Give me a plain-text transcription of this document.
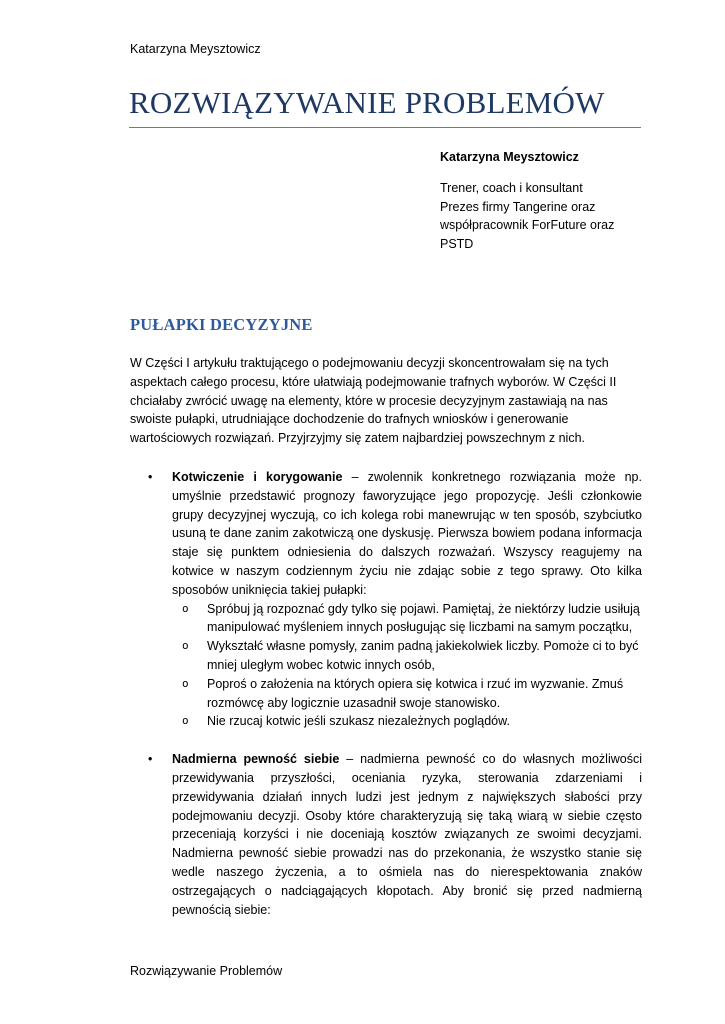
Katarzyna Meysztowicz
ROZWIĄZYWANIE PROBLEMÓW
Katarzyna Meysztowicz
Trener, coach i konsultant
Prezes firmy Tangerine oraz
współpracownik ForFuture oraz
PSTD
PUŁAPKI DECYZYJNE

W Części I artykułu traktującego o podejmowaniu decyzji skoncentrowałam się na tych aspektach całego procesu, które ułatwiają podejmowanie trafnych wyborów. W Części II chciałaby zwrócić uwagę na elementy, które w procesie decyzyjnym zastawiają na nas swoiste pułapki, utrudniające dochodzenie do trafnych wniosków i generowanie wartościowych rozwiązań. Przyjrzyjmy się zatem najbardziej powszechnym z nich.

• Kotwiczenie i korygowanie – zwolennik konkretnego rozwiązania może np. umyślnie przedstawić prognozy faworyzujące jego propozycję. Jeśli członkowie grupy decyzyjnej wyczują, co ich kolega robi manewrując w ten sposób, szybciutko usuną te dane zanim zakotwiczą one dyskusję. Pierwsza bowiem podana informacja staje się punktem odniesienia do dalszych rozważań. Wszyscy reagujemy na kotwice w naszym codziennym życiu nie zdając sobie z tego sprawy. Oto kilka sposobów uniknięcia takiej pułapki:
o Spróbuj ją rozpoznać gdy tylko się pojawi. Pamiętaj, że niektórzy ludzie usiłują manipulować myśleniem innych posługując się liczbami na samym początku,
o Wykształć własne pomysły, zanim padną jakiekolwiek liczby. Pomoże ci to być mniej uległym wobec kotwic innych osób,
o Poproś o założenia na których opiera się kotwica i rzuć im wyzwanie. Zmuś rozmówcę aby logicznie uzasadnił swoje stanowisko.
o Nie rzucaj kotwic jeśli szukasz niezależnych poglądów.
• Nadmierna pewność siebie – nadmierna pewność co do własnych możliwości przewidywania przyszłości, oceniania ryzyka, sterowania zdarzeniami i przewidywania działań innych ludzi jest jednym z największych słabości przy podejmowaniu decyzji. Osoby które charakteryzują się taką wiarą w siebie często przeceniają korzyści i nie doceniają kosztów związanych ze swoimi decyzjami. Nadmierna pewność siebie prowadzi nas do przekonania, że wszystko stanie się wedle naszego życzenia, a to ośmiela nas do nierespektowania znaków ostrzegających o nadciągających kłopotach. Aby bronić się przed nadmierną pewnością siebie:
Rozwiązywanie Problemów
